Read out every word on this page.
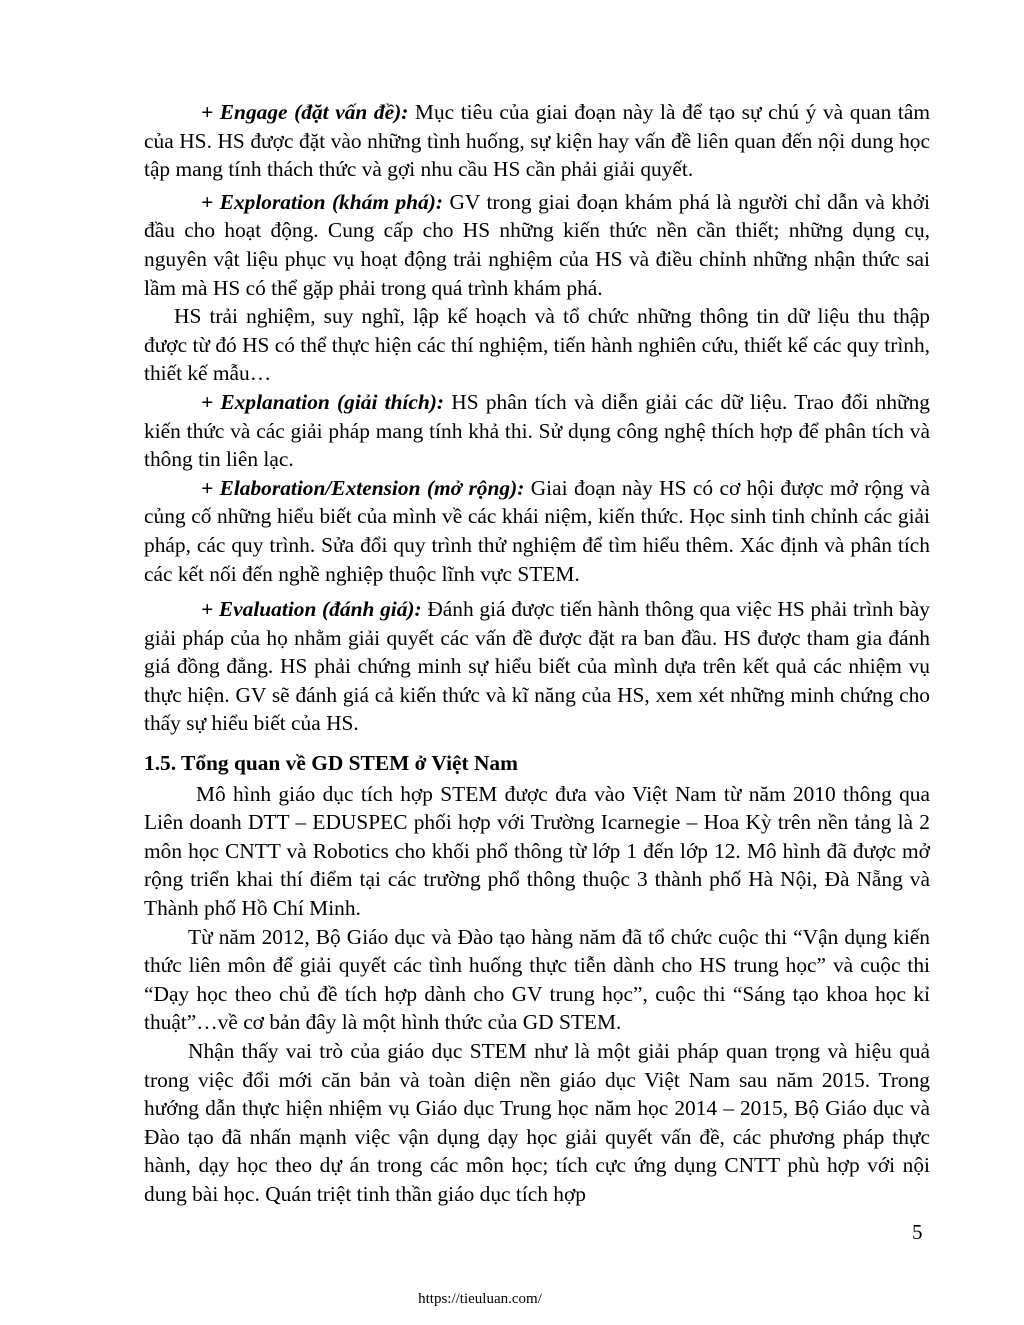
+ Engage (đặt vấn đề): Mục tiêu của giai đoạn này là để tạo sự chú ý và quan tâm của HS. HS được đặt vào những tình huống, sự kiện hay vấn đề liên quan đến nội dung học tập mang tính thách thức và gợi nhu cầu HS cần phải giải quyết.

+ Exploration (khám phá): GV trong giai đoạn khám phá là người chỉ dẫn và khởi đầu cho hoạt động. Cung cấp cho HS những kiến thức nền cần thiết; những dụng cụ, nguyên vật liệu phục vụ hoạt động trải nghiệm của HS và điều chỉnh những nhận thức sai lầm mà HS có thể gặp phải trong quá trình khám phá.

HS trải nghiệm, suy nghĩ, lập kế hoạch và tổ chức những thông tin dữ liệu thu thập được từ đó HS có thể thực hiện các thí nghiệm, tiến hành nghiên cứu, thiết kế các quy trình, thiết kế mẫu…

+ Explanation (giải thích): HS phân tích và diễn giải các dữ liệu. Trao đổi những kiến thức và các giải pháp mang tính khả thi. Sử dụng công nghệ thích hợp để phân tích và thông tin liên lạc.

+ Elaboration/Extension (mở rộng): Giai đoạn này HS có cơ hội được mở rộng và củng cố những hiểu biết của mình về các khái niệm, kiến thức. Học sinh tinh chỉnh các giải pháp, các quy trình. Sửa đổi quy trình thử nghiệm để tìm hiểu thêm. Xác định và phân tích các kết nối đến nghề nghiệp thuộc lĩnh vực STEM.

+ Evaluation (đánh giá): Đánh giá được tiến hành thông qua việc HS phải trình bày giải pháp của họ nhằm giải quyết các vấn đề được đặt ra ban đầu. HS được tham gia đánh giá đồng đẳng. HS phải chứng minh sự hiểu biết của mình dựa trên kết quả các nhiệm vụ thực hiện. GV sẽ đánh giá cả kiến thức và kĩ năng của HS, xem xét những minh chứng cho thấy sự hiểu biết của HS.

1.5. Tổng quan về GD STEM ở Việt Nam

Mô hình giáo dục tích hợp STEM được đưa vào Việt Nam từ năm 2010 thông qua Liên doanh DTT – EDUSPEC phối hợp với Trường Icarnegie – Hoa Kỳ trên nền tảng là 2 môn học CNTT và Robotics cho khối phổ thông từ lớp 1 đến lớp 12. Mô hình đã được mở rộng triển khai thí điểm tại các trường phổ thông thuộc 3 thành phố Hà Nội, Đà Nẵng và Thành phố Hồ Chí Minh.

Từ năm 2012, Bộ Giáo dục và Đào tạo hàng năm đã tổ chức cuộc thi “Vận dụng kiến thức liên môn để giải quyết các tình huống thực tiễn dành cho HS trung học” và cuộc thi “Dạy học theo chủ đề tích hợp dành cho GV trung học”, cuộc thi “Sáng tạo khoa học kỉ thuật”…về cơ bản đây là một hình thức của GD STEM.

Nhận thấy vai trò của giáo dục STEM như là một giải pháp quan trọng và hiệu quả trong việc đổi mới căn bản và toàn diện nền giáo dục Việt Nam sau năm 2015. Trong hướng dẫn thực hiện nhiệm vụ Giáo dục Trung học năm học 2014 – 2015, Bộ Giáo dục và Đào tạo đã nhấn mạnh việc vận dụng dạy học giải quyết vấn đề, các phương pháp thực hành, dạy học theo dự án trong các môn học; tích cực ứng dụng CNTT phù hợp với nội dung bài học. Quán triệt tinh thần giáo dục tích hợp

5
https://tieuluan.com/
